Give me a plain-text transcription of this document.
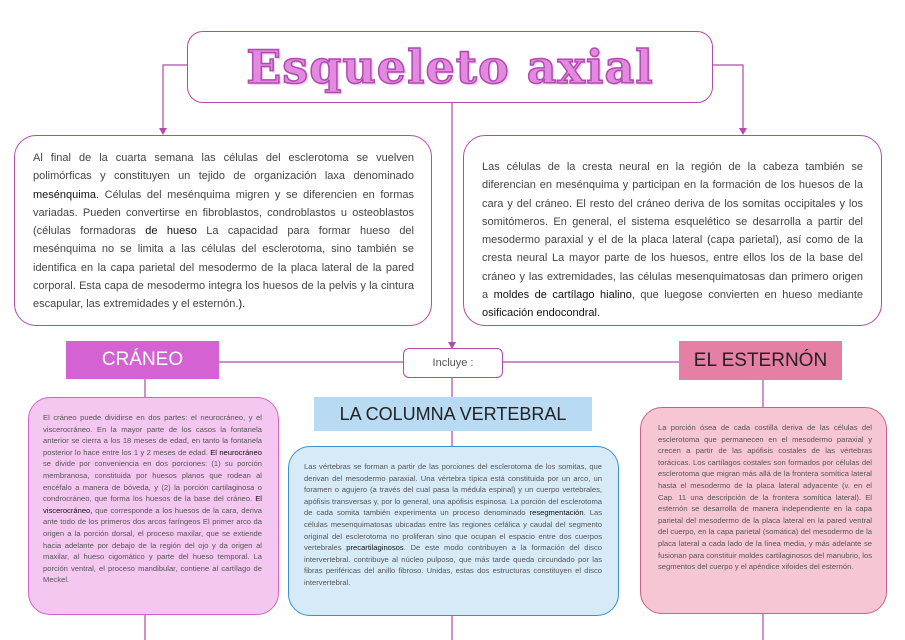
Esqueleto axial
Al final de la cuarta semana las células del esclerotoma se vuelven polimórficas y constituyen un tejido de organización laxa denominado mesénquima. Células del mesénquima migren y se diferencien en formas variadas. Pueden convertirse en fibroblastos, condroblastos u osteoblastos (células formadoras de hueso La capacidad para formar hueso del mesénquima no se limita a las células del esclerotoma, sino también se identifica en la capa parietal del mesodermo de la placa lateral de la pared corporal. Esta capa de mesodermo integra los huesos de la pelvis y la cintura escapular, las extremidades y el esternón.).
Las células de la cresta neural en la región de la cabeza también se diferencian en mesénquima y participan en la formación de los huesos de la cara y del cráneo. El resto del cráneo deriva de los somitas occipitales y los somitómeros. En general, el sistema esquelético se desarrolla a partir del mesodermo paraxial y el de la placa lateral (capa parietal), así como de la cresta neural La mayor parte de los huesos, entre ellos los de la base del cráneo y las extremidades, las células mesenquimatosas dan primero origen a moldes de cartílago hialino, que luegose convierten en hueso mediante osificación endocondral.
CRÁNEO	Incluye :	EL ESTERNÓN
LA COLUMNA VERTEBRAL
El cráneo puede dividirse en dos partes: el neurocráneo, y el viscerocráneo. En la mayor parte de los casos la fontanela anterior se cierra a los 18 meses de edad, en tanto la fontanela posterior lo hace entre los 1 y 2 meses de edad. El neurocráneo se divide por conveniencia en dos porciones: (1) su porción membranosa, constituida por huesos planos que rodean al encéfalo a manera de bóveda, y (2) la porción cartilaginosa o condrocráneo, que forma los huesos de la base del cráneo. El viscerocráneo, que corresponde a los huesos de la cara, deriva ante todo de los primeros dos arcos faríngeos El primer arco da origen a la porción dorsal, el proceso maxilar, que se extiende hacia adelante por debajo de la región del ojo y da origen al maxilar, al hueso cigomático y parte del hueso temporal. La porción ventral, el proceso mandibular, contiene al cartílago de Meckel.
Las vértebras se forman a partir de las porciones del esclerotoma de los somitas, que derivan del mesodermo paraxial. Una vértebra típica está constituida por un arco, un foramen o agujero (a través del cual pasa la médula espinal) y un cuerpo vertebrales, apófisis transversas y, por lo general, una apófisis espinosa. La porción del esclerotoma de cada somita también experimenta un proceso denominado resegmentación. Las células mesenquimatosas ubicadas entre las regiones cefálica y caudal del segmento original del esclerotoma no proliferan sino que ocupan el espacio entre dos cuerpos vertebrales precartilaginosos. De este modo contribuyen a la formación del disco intervertebral. contribuye al núcleo pulposo, que más tarde queda circundado por las fibras periféricas del anillo fibroso. Unidas, estas dos estructuras constituyen el disco intervertebral.
La porción ósea de cada costilla deriva de las células del esclerotoma que permanecen en el mesodermo paraxial y crecen a partir de las apófisis costales de las vértebras torácicas. Los cartílagos costales son formados por células del esclerotoma que migran más allá de la frontera somítica lateral hasta el mesodermo de la placa lateral adyacente (v. en el Cap. 11 una descripción de la frontera somítica lateral). El esternón se desarrolla de manera independiente en la capa parietal del mesodermo de la placa lateral en la pared ventral del cuerpo, en la capa parietal (somática) del mesodermo de la placa lateral a cada lado de la línea media, y más adelante se fusionan para constituir moldes cartilaginosos del manubrio, los segmentos del cuerpo y el apéndice xifoides del esternón.
